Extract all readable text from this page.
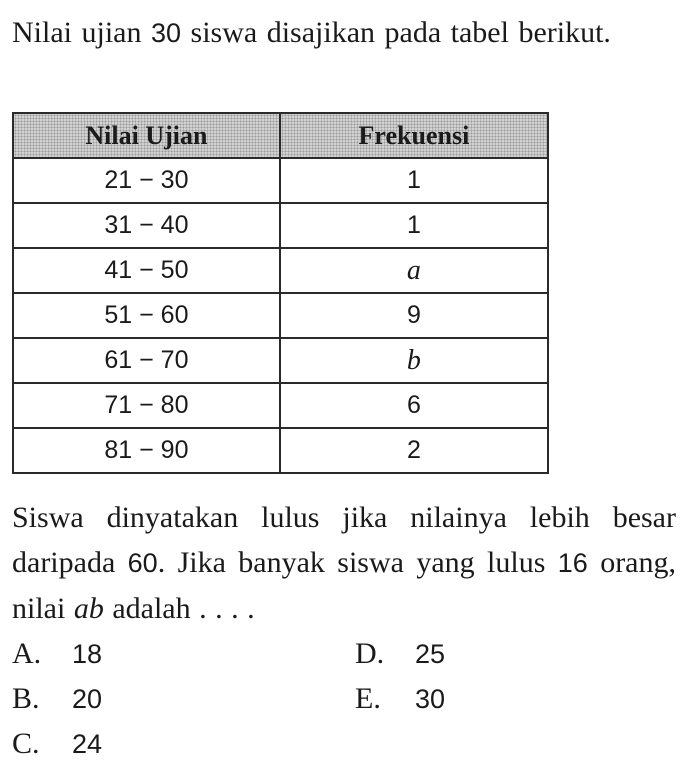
Nilai ujian 30 siswa disajikan pada tabel berikut.
Nilai Ujian	Frekuensi
21 − 30	1
31 − 40	1
41 − 50	a
51 − 60	9
61 − 70	b
71 − 80	6
81 − 90	2
Siswa dinyatakan lulus jika nilainya lebih besar daripada 60. Jika banyak siswa yang lulus 16 orang, nilai ab adalah . . . .
A. 18
B. 20
C. 24
D. 25
E. 30
